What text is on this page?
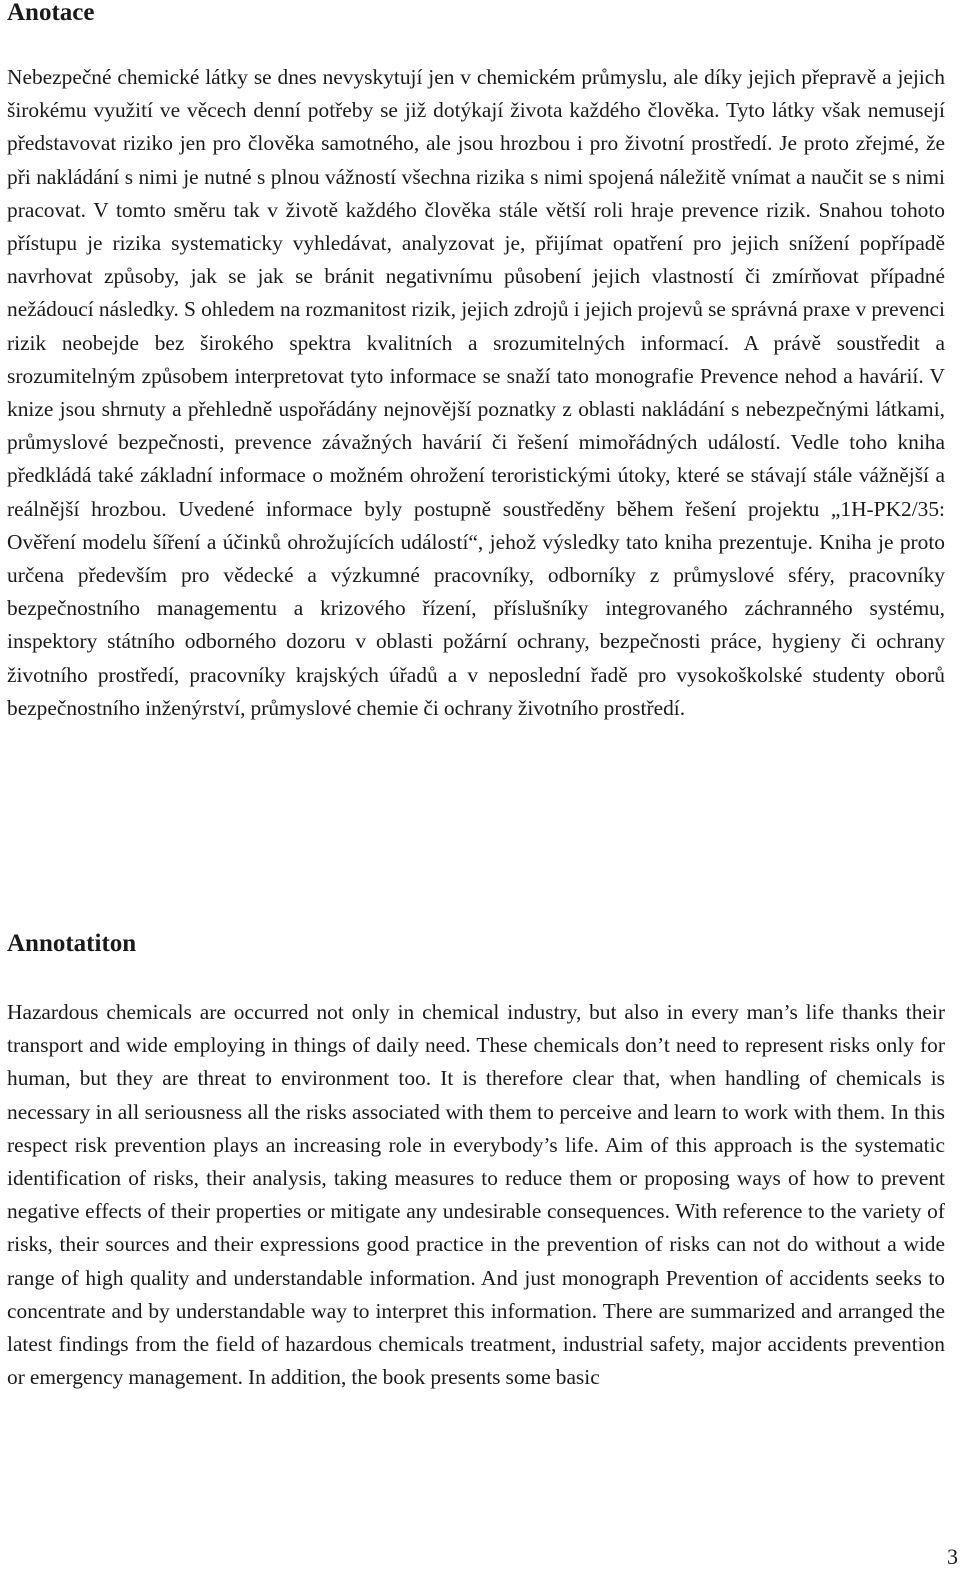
Anotace

Nebezpečné chemické látky se dnes nevyskytují jen v chemickém průmyslu, ale díky jejich přepravě a jejich širokému využití ve věcech denní potřeby se již dotýkají života každého člověka. Tyto látky však nemusejí představovat riziko jen pro člověka samotného, ale jsou hrozbou i pro životní prostředí. Je proto zřejmé, že při nakládání s nimi je nutné s plnou vážností všechna rizika s nimi spojená náležitě vnímat a naučit se s nimi pracovat. V tomto směru tak v životě každého člověka stále větší roli hraje prevence rizik. Snahou tohoto přístupu je rizika systematicky vyhledávat, analyzovat je, přijímat opatření pro jejich snížení popřípadě navrhovat způsoby, jak se jak se bránit negativnímu působení jejich vlastností či zmírňovat případné nežádoucí následky. S ohledem na rozmanitost rizik, jejich zdrojů i jejich projevů se správná praxe v prevenci rizik neobejde bez širokého spektra kvalitních a srozumitelných informací. A právě soustředit a srozumitelným způsobem interpretovat tyto informace se snaží tato monografie Prevence nehod a havárií. V knize jsou shrnuty a přehledně uspořádány nejnovější poznatky z oblasti nakládání s nebezpečnými látkami, průmyslové bezpečnosti, prevence závažných havárií či řešení mimořádných událostí. Vedle toho kniha předkládá také základní informace o možném ohrožení teroristickými útoky, které se stávají stále vážnější a reálnější hrozbou. Uvedené informace byly postupně soustředěny během řešení projektu „1H-PK2/35: Ověření modelu šíření a účinků ohrožujících událostí“, jehož výsledky tato kniha prezentuje. Kniha je proto určena především pro vědecké a výzkumné pracovníky, odborníky z průmyslové sféry, pracovníky bezpečnostního managementu a krizového řízení, příslušníky integrovaného záchranného systému, inspektory státního odborného dozoru v oblasti požární ochrany, bezpečnosti práce, hygieny či ochrany životního prostředí, pracovníky krajských úřadů a v neposlední řadě pro vysokoškolské studenty oborů bezpečnostního inženýrství, průmyslové chemie či ochrany životního prostředí.

Annotatiton

Hazardous chemicals are occurred not only in chemical industry, but also in every man’s life thanks their transport and wide employing in things of daily need. These chemicals don’t need to represent risks only for human, but they are threat to environment too. It is therefore clear that, when handling of chemicals is necessary in all seriousness all the risks associated with them to perceive and learn to work with them. In this respect risk prevention plays an increasing role in everybody’s life. Aim of this approach is the systematic identification of risks, their analysis, taking measures to reduce them or proposing ways of how to prevent negative effects of their properties or mitigate any undesirable consequences. With reference to the variety of risks, their sources and their expressions good practice in the prevention of risks can not do without a wide range of high quality and understandable information. And just monograph Prevention of accidents seeks to concentrate and by understandable way to interpret this information. There are summarized and arranged the latest findings from the field of hazardous chemicals treatment, industrial safety, major accidents prevention or emergency management. In addition, the book presents some basic

3
